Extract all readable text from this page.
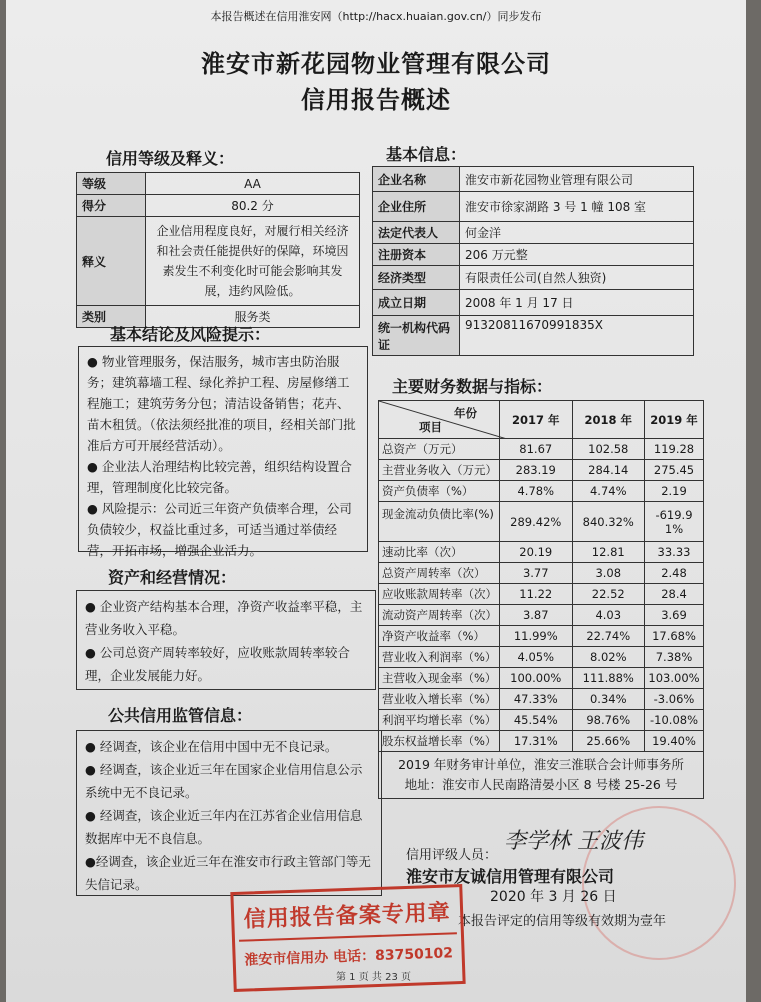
本报告概述在信用淮安网（http://hacx.huaian.gov.cn/）同步发布
淮安市新花园物业管理有限公司
信用报告概述
信用等级及释义：
等级	AA
得分	80.2 分
释义	企业信用程度良好，对履行相关经济和社会责任能提供好的保障，环境因素发生不利变化时可能会影响其发展，违约风险低。
类别	服务类
基本信息：
企业名称	淮安市新花园物业管理有限公司
企业住所	淮安市徐家湖路 3 号 1 幢 108 室
法定代表人	何金洋
注册资本	206 万元整
经济类型	有限责任公司(自然人独资)
成立日期	2008 年 1 月 17 日
统一机构代码证	91320811670991835X
基本结论及风险提示：

● 物业管理服务，保洁服务，城市害虫防治服务；建筑幕墙工程、绿化养护工程、房屋修缮工程施工；建筑劳务分包；清洁设备销售；花卉、苗木租赁。（依法须经批准的项目，经相关部门批准后方可开展经营活动）。

● 企业法人治理结构比较完善，组织结构设置合理，管理制度化比较完备。

● 风险提示：公司近三年资产负债率合理，公司负债较少，权益比重过多，可适当通过举债经营，开拓市场，增强企业活力。

资产和经营情况：

● 企业资产结构基本合理，净资产收益率平稳，主营业务收入平稳。

● 公司总资产周转率较好，应收账款周转率较合理，企业发展能力好。

公共信用监管信息：

● 经调查，该企业在信用中国中无不良记录。

● 经调查，该企业近三年在国家企业信用信息公示系统中无不良记录。

● 经调查，该企业近三年内在江苏省企业信用信息数据库中无不良信息。

●经调查，该企业近三年在淮安市行政主管部门等无失信记录。

主要财务数据与指标：
年份
项目	2017 年	2018 年	2019 年
总资产（万元）	81.67	102.58	119.28
主营业务收入（万元）	283.19	284.14	275.45
资产负债率（%）	4.78%	4.74%	2.19
现金流动负债比率(%)	289.42%	840.32%	-619.91%
速动比率（次）	20.19	12.81	33.33
总资产周转率（次）	3.77	3.08	2.48
应收账款周转率（次）	11.22	22.52	28.4
流动资产周转率（次）	3.87	4.03	3.69
净资产收益率（%）	11.99%	22.74%	17.68%
营业收入利润率（%）	4.05%	8.02%	7.38%
主营收入现金率（%）	100.00%	111.88%	103.00%
营业收入增长率（%）	47.33%	0.34%	-3.06%
利润平均增长率（%）	45.54%	98.76%	-10.08%
股东权益增长率（%）	17.31%	25.66%	19.40%

2019 年财务审计单位，淮安三淮联合会计师事务所
地址：淮安市人民南路清晏小区 8 号楼 25-26 号			
信用评级人员：
李学林 王波伟
淮安市友诚信用管理有限公司
2020 年 3 月 26 日
本报告评定的信用等级有效期为壹年
信用报告备案专用章
淮安市信用办 电话：83750102
第 1 页 共 23 页
